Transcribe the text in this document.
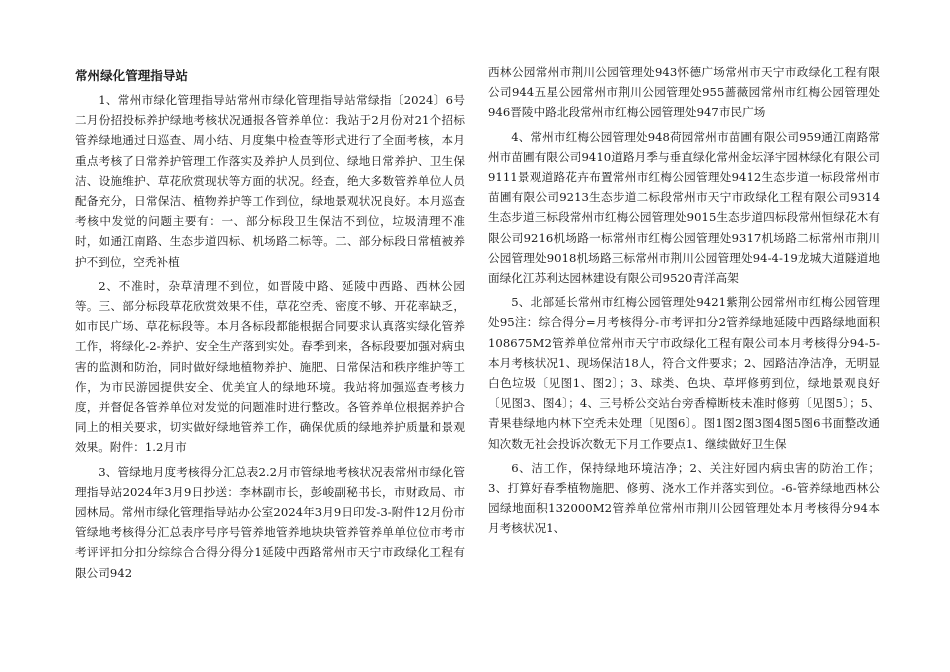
常州绿化管理指导站

1、常州市绿化管理指导站常州市绿化管理指导站常绿指〔2024〕6号二月份招投标养护绿地考核状况通报各管养单位：我站于2月份对21个招标管养绿地通过日巡查、周小结、月度集中检查等形式进行了全面考核，本月重点考核了日常养护管理工作落实及养护人员到位、绿地日常养护、卫生保洁、设施维护、草花欣赏现状等方面的状况。经查，绝大多数管养单位人员配备充分，日常保洁、植物养护等工作到位，绿地景观状况良好。本月巡查考核中发觉的问题主要有：一、部分标段卫生保洁不到位，垃圾清理不准时，如通江南路、生态步道四标、机场路二标等。二、部分标段日常植被养护不到位，空秃补植

2、不准时，杂草清理不到位，如晋陵中路、延陵中西路、西林公园等。三、部分标段草花欣赏效果不佳，草花空秃、密度不够、开花率缺乏，如市民广场、草花标段等。本月各标段都能根据合同要求认真落实绿化管养工作，将绿化-2-养护、安全生产落到实处。春季到来，各标段要加强对病虫害的监测和防治，同时做好绿地植物养护、施肥、日常保洁和秩序维护等工作，为市民游园提供安全、优美宜人的绿地环境。我站将加强巡查考核力度，并督促各管养单位对发觉的问题准时进行整改。各管养单位根据养护合同上的相关要求，切实做好绿地管养工作，确保优质的绿地养护质量和景观效果。附件：1.2月市

3、管绿地月度考核得分汇总表2.2月市管绿地考核状况表常州市绿化管理指导站2024年3月9日抄送：李林副市长，彭峻副秘书长，市财政局、市园林局。常州市绿化管理指导站办公室2024年3月9日印发-3-附件12月份市管绿地考核得分汇总表序号序号管养地管养地块块管养管养单单位位市考市考评评扣分扣分综综合合得分得分1延陵中西路常州市天宁市政绿化工程有限公司942

西林公园常州市荆川公园管理处943怀德广场常州市天宁市政绿化工程有限公司944五星公园常州市荆川公园管理处955蔷薇园常州市红梅公园管理处946晋陵中路北段常州市红梅公园管理处947市民广场

4、常州市红梅公园管理处948荷园常州市苗圃有限公司959通江南路常州市苗圃有限公司9410道路月季与垂直绿化常州金坛泽宇园林绿化有限公司9111景观道路花卉布置常州市红梅公园管理处9412生态步道一标段常州市苗圃有限公司9213生态步道二标段常州市天宁市政绿化工程有限公司9314生态步道三标段常州市红梅公园管理处9015生态步道四标段常州恒绿花木有限公司9216机场路一标常州市红梅公园管理处9317机场路二标常州市荆川公园管理处9018机场路三标常州市荆川公园管理处94-4-19龙城大道隧道地面绿化江苏利达园林建设有限公司9520青洋高架

5、北部延长常州市红梅公园管理处9421紫荆公园常州市红梅公园管理处95注：综合得分=月考核得分-市考评扣分2管养绿地延陵中西路绿地面积108675M2管养单位常州市天宁市政绿化工程有限公司本月考核得分94-5-本月考核状况1、现场保洁18人，符合文件要求；2、园路洁净洁净，无明显白色垃圾〔见图1、图2〕；3、球类、色块、草坪修剪到位，绿地景观良好〔见图3、图4〕；4、三号桥公交站台旁香樟断枝未准时修剪〔见图5〕；5、青果巷绿地内林下空秃未处理〔见图6〕。图1图2图3图4图5图6书面整改通知次数无社会投诉次数无下月工作要点1、继续做好卫生保

6、洁工作，保持绿地环境洁净；2、关注好园内病虫害的防治工作；3、打算好春季植物施肥、修剪、浇水工作并落实到位。-6-管养绿地西林公园绿地面积132000M2管养单位常州市荆川公园管理处本月考核得分94本月考核状况1、
